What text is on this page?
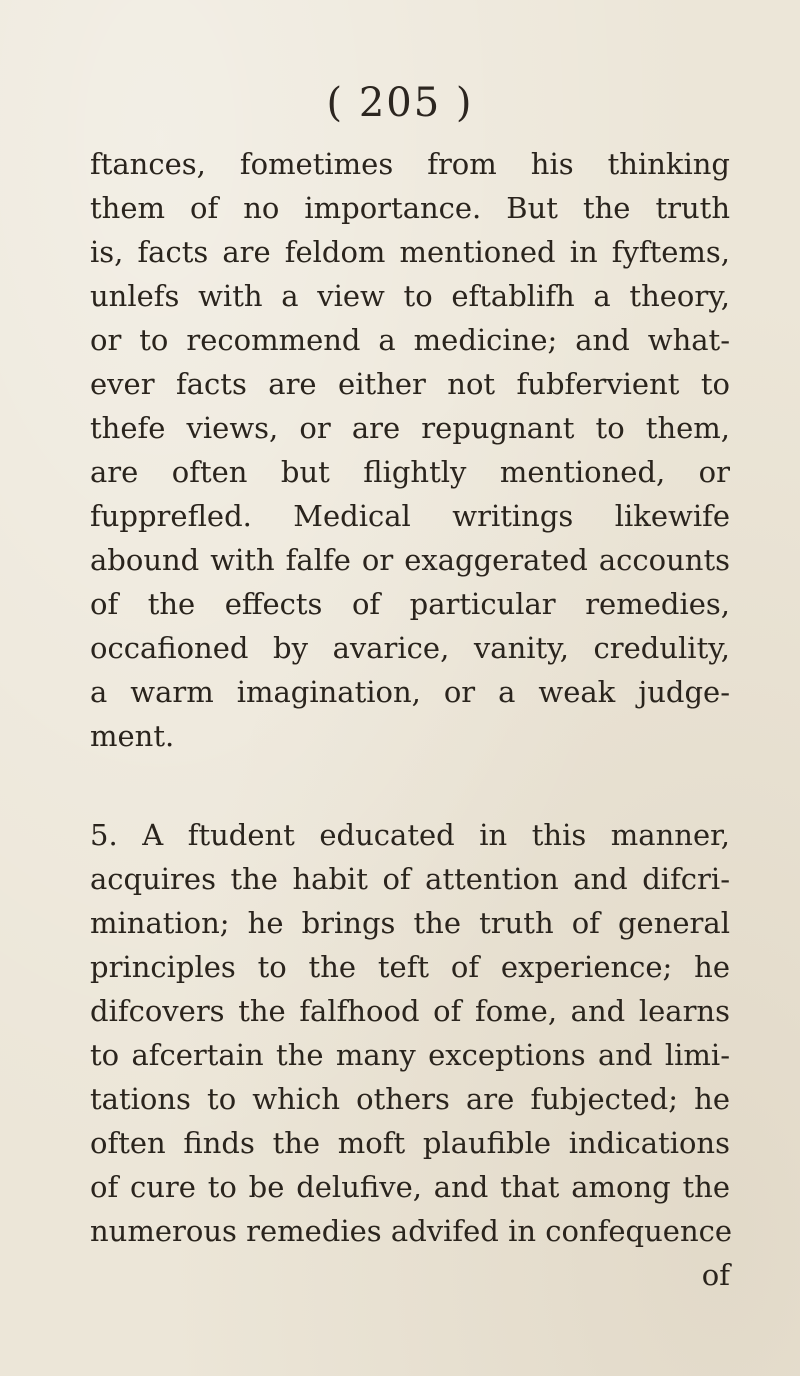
( 205 )
ftances, fometimes from his thinking
them of no importance. But the truth
is, facts are feldom mentioned in fyftems,
unlefs with a view to eftablifh a theory,
or to recommend a medicine; and what-
ever facts are either not fubfervient to
thefe views, or are repugnant to them,
are often but flightly mentioned, or
fupprefled. Medical writings likewife
abound with falfe or exaggerated accounts
of the effects of particular remedies,
occafioned by avarice, vanity, credulity,
a warm imagination, or a weak judge-
ment.
5. A ftudent educated in this manner,
acquires the habit of attention and difcri-
mination; he brings the truth of general
principles to the teft of experience; he
difcovers the falfhood of fome, and learns
to afcertain the many exceptions and limi-
tations to which others are fubjected; he
often finds the moft plaufible indications
of cure to be delufive, and that among the
numerous remedies advifed in confequence
of
